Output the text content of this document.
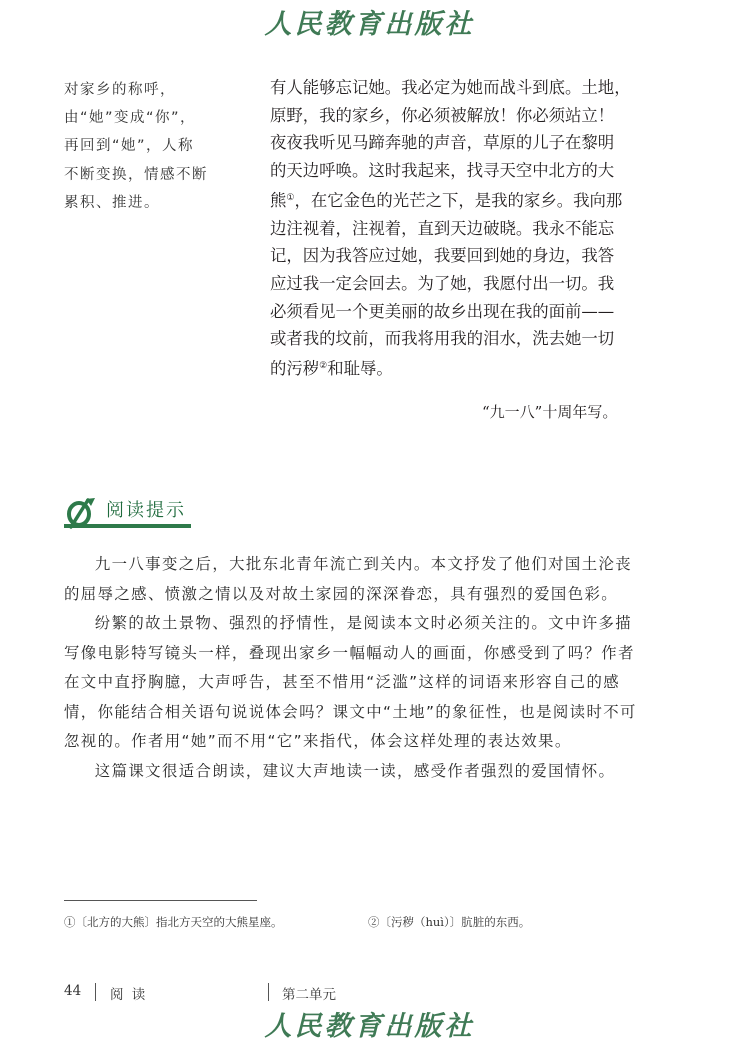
人民教育出版社

对家乡的称呼，

由“她”变成“你”，

再回到“她”，人称

不断变换，情感不断

累积、推进。

有人能够忘记她。我必定为她而战斗到底。土地，

原野，我的家乡，你必须被解放！你必须站立！

夜夜我听见马蹄奔驰的声音，草原的儿子在黎明

的天边呼唤。这时我起来，找寻天空中北方的大

熊①，在它金色的光芒之下，是我的家乡。我向那

边注视着，注视着，直到天边破晓。我永不能忘

记，因为我答应过她，我要回到她的身边，我答

应过我一定会回去。为了她，我愿付出一切。我

必须看见一个更美丽的故乡出现在我的面前——

或者我的坟前，而我将用我的泪水，洗去她一切

的污秽②和耻辱。

“九一八”十周年写。
阅读提示

九一八事变之后，大批东北青年流亡到关内。本文抒发了他们对国土沦丧的屈辱之感、愤激之情以及对故土家园的深深眷恋，具有强烈的爱国色彩。

纷繁的故土景物、强烈的抒情性，是阅读本文时必须关注的。文中许多描写像电影特写镜头一样，叠现出家乡一幅幅动人的画面，你感受到了吗？作者在文中直抒胸臆，大声呼告，甚至不惜用“泛滥”这样的词语来形容自己的感情，你能结合相关语句说说体会吗？课文中“土地”的象征性，也是阅读时不可忽视的。作者用“她”而不用“它”来指代，体会这样处理的表达效果。

这篇课文很适合朗读，建议大声地读一读，感受作者强烈的爱国情怀。

①〔北方的大熊〕指北方天空的大熊星座。	②〔污秽（huì）〕肮脏的东西。
44 阅 读	第二单元
人民教育出版社
